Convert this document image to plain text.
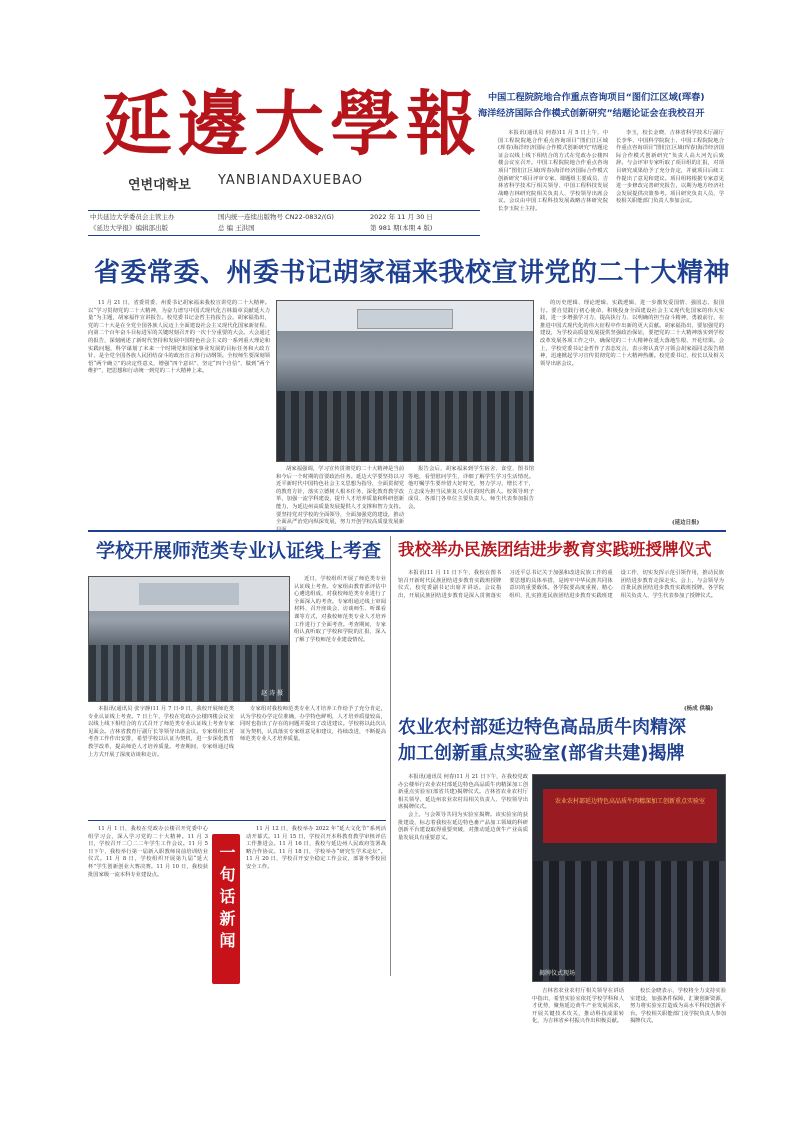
延邊大學報
연변대학보 YANBIANDAXUEBAO
中共延边大学委员会主管主办
《延边大学报》编辑部出版
国内统一连续出版物号 CN22-0832/(G)
总 编 王洪国
2022 年 11 月 30 日
第 981 期(本期 4 版)
中国工程院院地合作重点咨询项目“图们江区域(珲春)
海洋经济国际合作模式创新研究”结题论证会在我校召开

本报讯(通讯员 何春)11 月 5 日上午，中国工程院院地合作重点咨询项目“图们江区域(珲春)海洋经济国际合作模式创新研究”结题论证会以线上线下相结合的方式在党政办公楼四楼会议室召开。中国工程院院地合作重点咨询项目“图们江区域(珲春)海洋经济国际合作模式创新研究”项目评审专家、课题组主要成员、吉林省科学技术厅相关领导、中国工程科技发展战略吉林研究院相关负责人、学校领导出席会议。会议由中国工程科技发展战略吉林研究院长李玉院士主持。

李玉，校长金晓、吉林省科学技术厅副厅长李华、中国科学院院士、中国工程院院地合作重点咨询项目“图们江区域(珲春)海洋经济国际合作模式创新研究”负责人高大河先后致辞。与会评审专家听取了项目组的汇报，对项目研究成果给予了充分肯定，并就项目后续工作提出了意见和建议。项目组将根据专家意见进一步修改完善研究报告，以期为地方经济社会发展提供决策参考。项目研究负责人员、学校相关职能部门负责人参加会议。

省委常委、州委书记胡家福来我校宣讲党的二十大精神

11 月 21 日，省委常委、州委书记胡家福来我校宣讲党的二十大精神。以“学习贯彻党的二十大精神，为奋力谱写中国式现代化吉林篇章贡献延大力量”为主题，胡家福作宣讲报告。校党委书记金哲主持报告会。胡家福指出，党的二十大是在全党全国各族人民迈上全面建设社会主义现代化国家新征程、向第二个百年奋斗目标进军的关键时刻召开的一次十分重要的大会。大会通过的报告，深刻阐述了新时代坚持和发展中国特色社会主义的一系列重大理论和实践问题，科学谋划了未来一个时期党和国家事业发展的目标任务和大政方针，是全党全国各族人民团结奋斗的政治宣言和行动纲领。全校师生要深刻领悟“两个确立”的决定性意义，增强“四个意识”、坚定“四个自信”、做到“两个维护”，把思想和行动统一到党的二十大精神上来。

胡家福强调，学习宣传贯彻党的二十大精神是当前和今后一个时期的首要政治任务。延边大学要坚持以习近平新时代中国特色社会主义思想为指导，全面贯彻党的教育方针，落实立德树人根本任务，深化教育教学改革，加强一流学科建设，提升人才培养质量和科研创新能力，为延边州高质量发展提供人才支撑和智力支持。要坚持党对学校的全面领导，全面加强党的建设，推动全面从严治党向纵深发展，努力开创学校高质量发展新

报告会后，胡家福来到学生宿舍、食堂、图书馆等地，看望慰问学生，详细了解学生学习生活情况。他叮嘱学生要珍惜大好时光，努力学习，增长才干，立志成为担当民族复兴大任的时代新人。校领导班子成员、各部门各单位主要负责人、师生代表参加报告会。

的历史逻辑、理论逻辑、实践逻辑，进一步激发爱国情、强国志、报国行。要自觉践行初心使命，积极投身全面建设社会主义现代化国家的伟大实践，进一步增强学习力，提高执行力、以明确的担当奋斗精神，勇毅前行，在推进中国式现代化的伟大征程中作出新的更大贡献。胡家福指出，要加强党的建设，为学校高质量发展提供坚强政治保证，要把党的二十大精神落实到学校改革发展各项工作之中，确保党的二十大精神在延大落地生根、开花结果。会上，学校党委书记金哲作了表态发言，表示将认真学习领会胡家福同志报告精神，迅速掀起学习宣传贯彻党的二十大精神热潮。校党委书记、校长以及相关领导出席会议。

(延边日报)
学校开展师范类专业认证线上考查
赵 涛 摄

近日，学校组织开展了师范类专业认证线上考查。专家组由教育部评估中心遴选组成，对我校师范类专业进行了全面深入的考查。专家组通过线上审阅材料、召开座谈会、访谈师生、听课看课等方式，对我校师范类专业人才培养工作进行了全面考查。考查期间，专家组认真听取了学校和学院的汇报，深入了解了学校师范专业建设情况。

本报讯(通讯员 张宇静)11 月 7 日-9 日，我校开展师范类专业认证线上考查。7 日上午，学校在党政办公楼四楼会议室以线上线下相结合的方式召开了师范类专业认证线上考查专家见面会。吉林省教育厅副厅长等领导出席会议。专家组组长对考查工作作出安排，希望学校以认证为契机，进一步深化教育教学改革，提高师范人才培养质量。考查期间，专家组通过线上方式开展了深度访谈和走访。

专家组对我校师范类专业人才培养工作给予了充分肯定，认为学校办学定位准确，办学特色鲜明，人才培养质量较高，同时也指出了存在的问题并提出了改进建议。学校将以此次认证为契机，认真落实专家组意见和建议，持续改进，不断提高师范类专业人才培养质量。

我校举办民族团结进步教育实践班授牌仪式

本报讯(11 月 11 日下午，我校在图书馆召开新时代民族团结进步教育实践班授牌仪式，校党委副书记出席并讲话。会议指出，开展民族团结进步教育是深入贯彻落实习近平总书记关于加强和改进民族工作的重要思想的具体举措，是铸牢中华民族共同体意识的重要载体。各学院要高度重视，精心组织，扎实推进民族团结进步教育实践班建设工作，切实发挥示范引领作用，推动民族团结进步教育走深走实。会上，与会领导为首批民族团结进步教育实践班授牌。各学院相关负责人、学生代表参加了授牌仪式。

(杨成 供稿)
农业农村部延边特色高品质牛肉精深
加工创新重点实验室(部省共建)揭牌

本报讯(通讯员 何春)11 月 21 日下午，在我校党政办公楼举行农业农村部延边特色高品质牛肉精深加工创新重点实验室(部省共建)揭牌仪式。吉林省农业农村厅相关领导、延边州农业农村局相关负责人、学校领导出席揭牌仪式。

会上，与会领导共同为实验室揭牌。该实验室的获批建设，标志着我校在延边特色畜产品加工领域的科研创新平台建设取得重要突破，对推动延边黄牛产业高质量发展具有重要意义。

农业农村部延边特色高品质牛肉精深加工创新重点实验室
揭牌仪式现场

吉林省农业农村厅相关领导在讲话中指出，希望实验室依托学校学科和人才优势，聚焦延边黄牛产业发展需求，开展关键技术攻关，推动科技成果转化，为吉林省乡村振兴作出积极贡献。

校长金晓表示，学校将全力支持实验室建设，加强条件保障，汇聚创新资源，努力将实验室打造成为高水平科技创新平台。学校相关职能部门及学院负责人参加揭牌仪式。

11 月 1 日，我校在党政办公楼召开党委中心组学习会，深入学习党的二十大精神。11 月 3 日，学校召开二〇二二年学生工作会议。11 月 5 日下午，我校举行第一届新入职教师岗前培训结业仪式。11 月 8 日，学校组织开展第九届“延大杯”学生创新创业大赛决赛。11 月 10 日，我校获批国家级一流本科专业建设点。	一旬话新闻

11 月 12 日，我校举办 2022 年“延大文化节”系列活动开幕式。11 月 15 日，学校召开本科教育教学审核评估工作推进会。11 月 16 日，我校与延边州人民政府签署战略合作协议。11 月 18 日，学校举办“研究生学术论坛”。11 月 20 日，学校召开安全稳定工作会议，部署冬季校园安全工作。
